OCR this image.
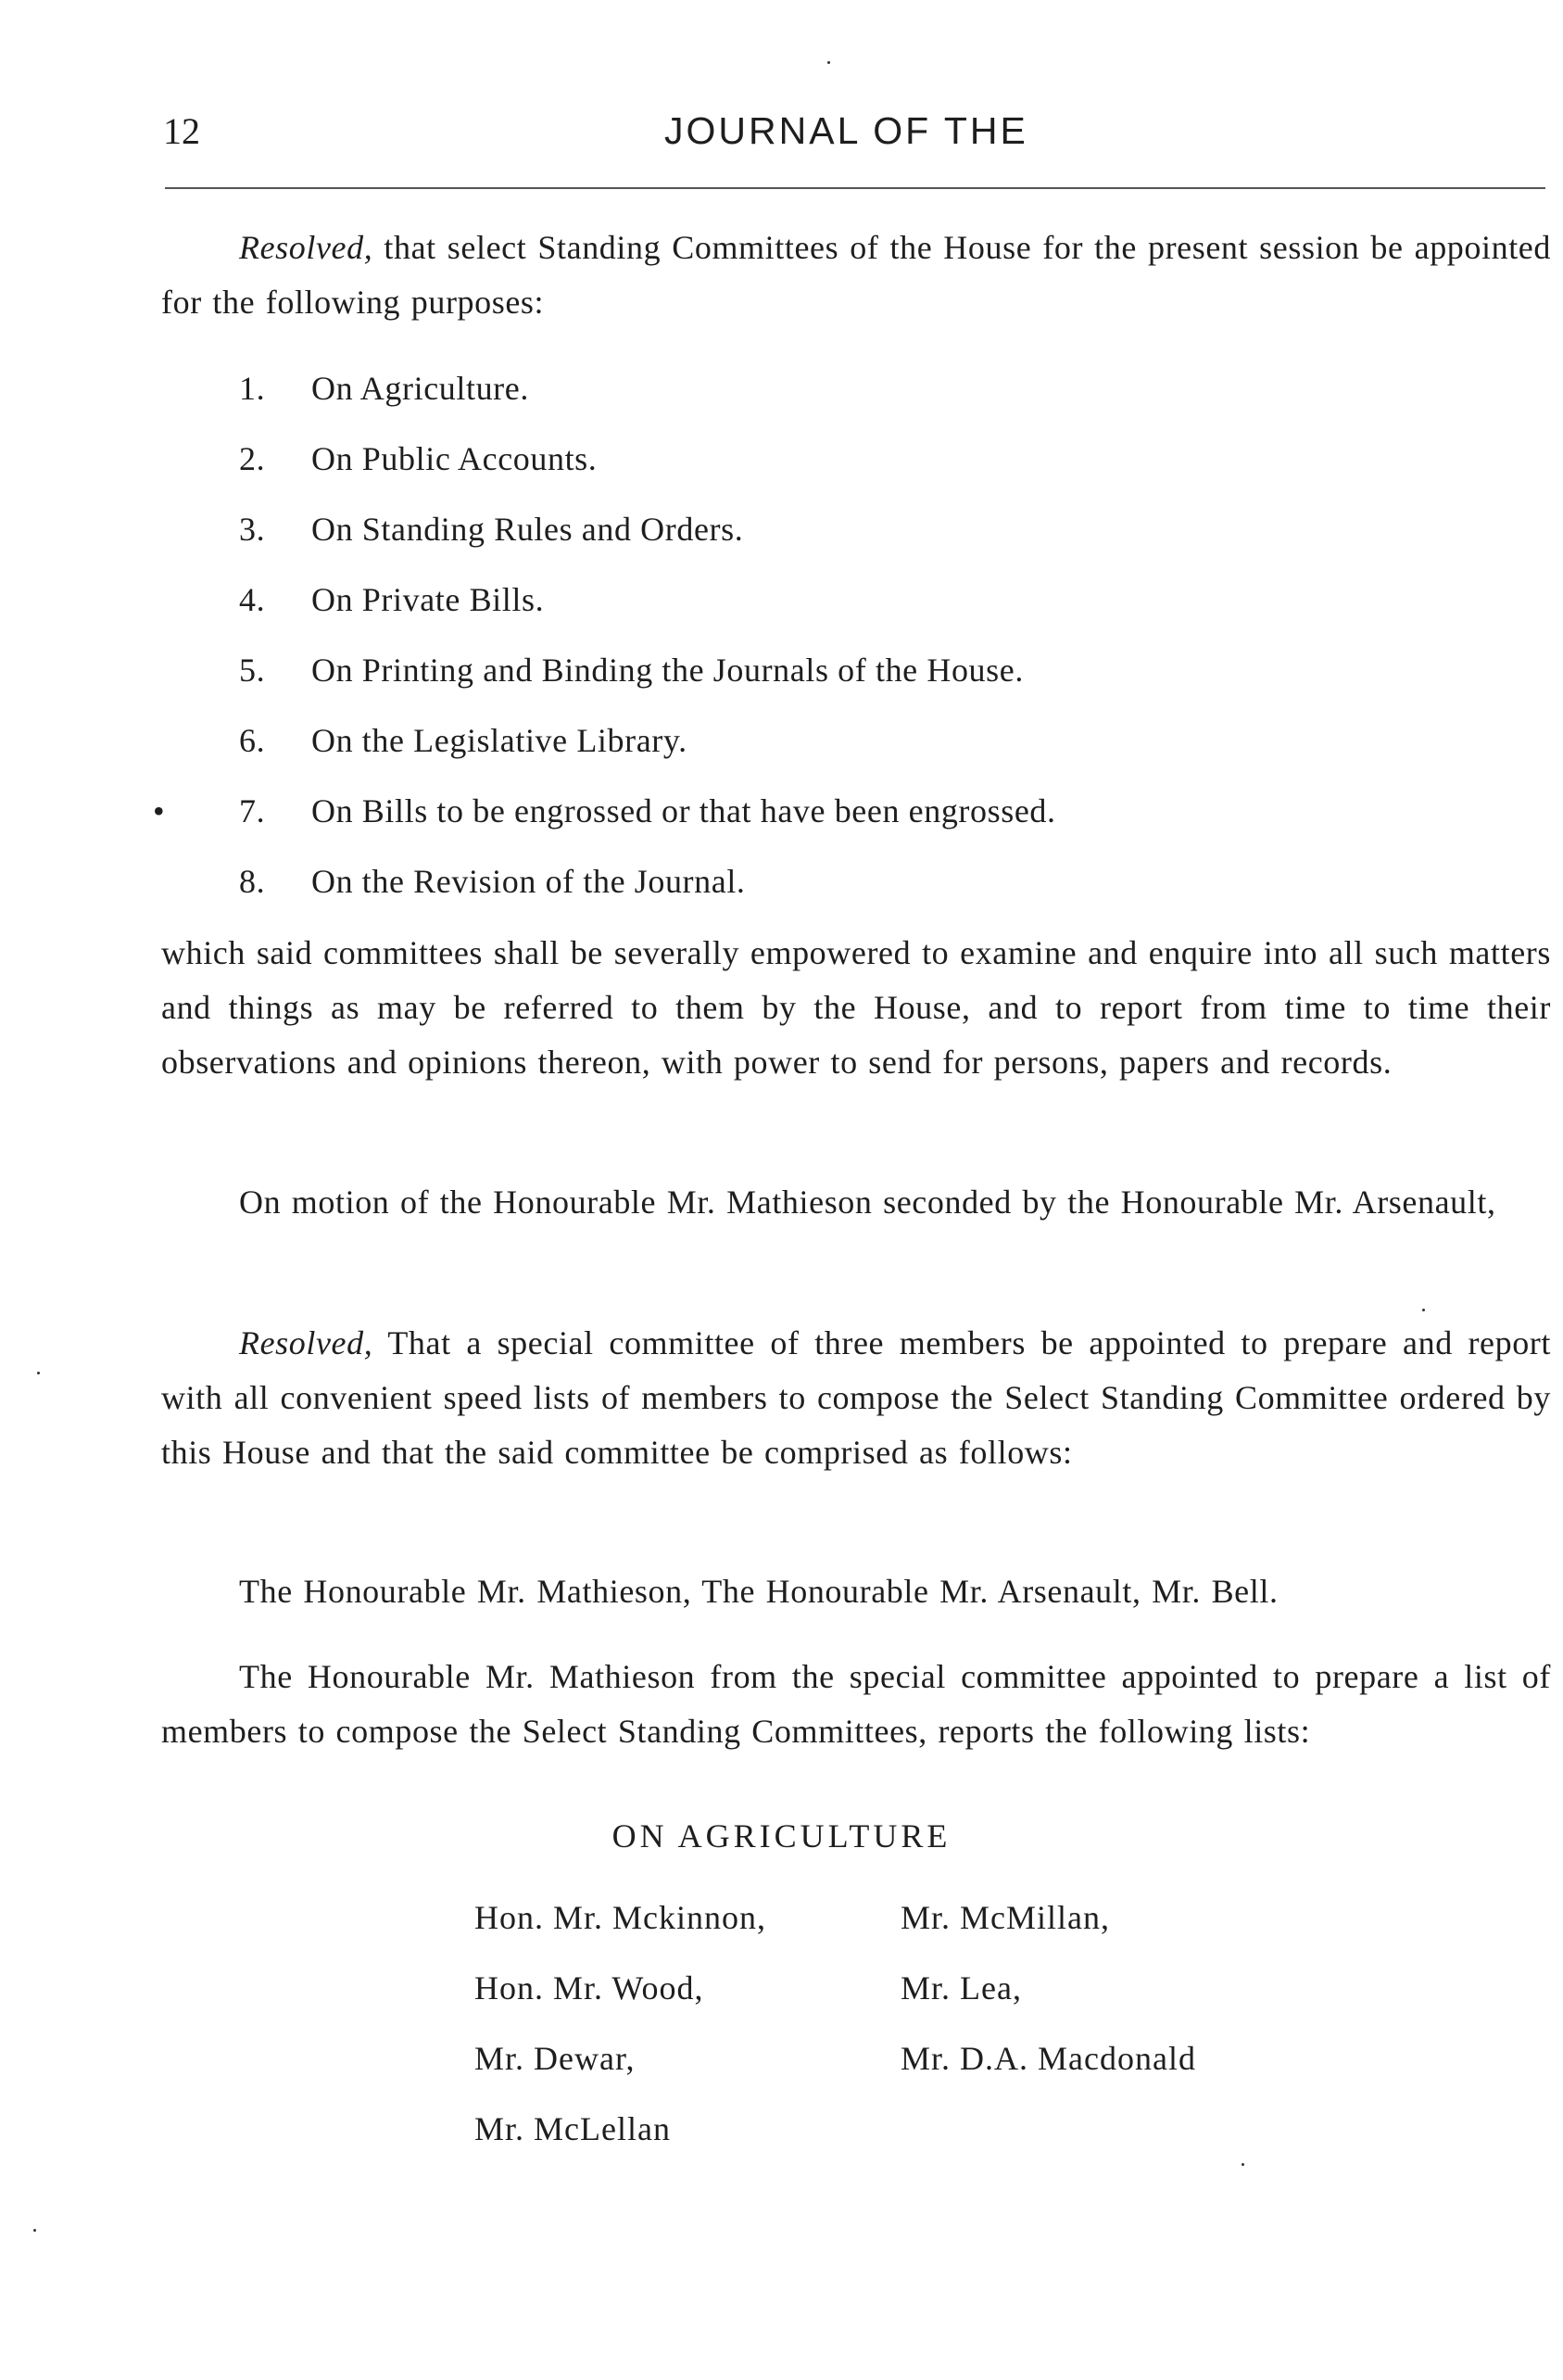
12	JOURNAL OF THE

Resolved, that select Standing Committees of the House for the present session be appointed for the following purposes:

1.	On Agriculture.
2.	On Public Accounts.
3.	On Standing Rules and Orders.
4.	On Private Bills.
5.	On Printing and Binding the Journals of the House.
6.	On the Legislative Library.
• 7.	On Bills to be engrossed or that have been engrossed.
8.	On the Revision of the Journal.

which said committees shall be severally empowered to examine and enquire into all such matters and things as may be referred to them by the House, and to report from time to time their observations and opinions thereon, with power to send for persons, papers and records.

On motion of the Honourable Mr. Mathieson seconded by the Honourable Mr. Arsenault,

Resolved, That a special committee of three members be appointed to prepare and report with all convenient speed lists of members to compose the Select Standing Committee ordered by this House and that the said committee be comprised as follows:

The Honourable Mr. Mathieson, The Honourable Mr. Arsenault, Mr. Bell.

The Honourable Mr. Mathieson from the special committee appointed to prepare a list of members to compose the Select Standing Committees, reports the following lists:

ON AGRICULTURE
Hon. Mr. Mckinnon,	Mr. McMillan,
Hon. Mr. Wood,	Mr. Lea,
Mr. Dewar,	Mr. D.A. Macdonald
Mr. McLellan
